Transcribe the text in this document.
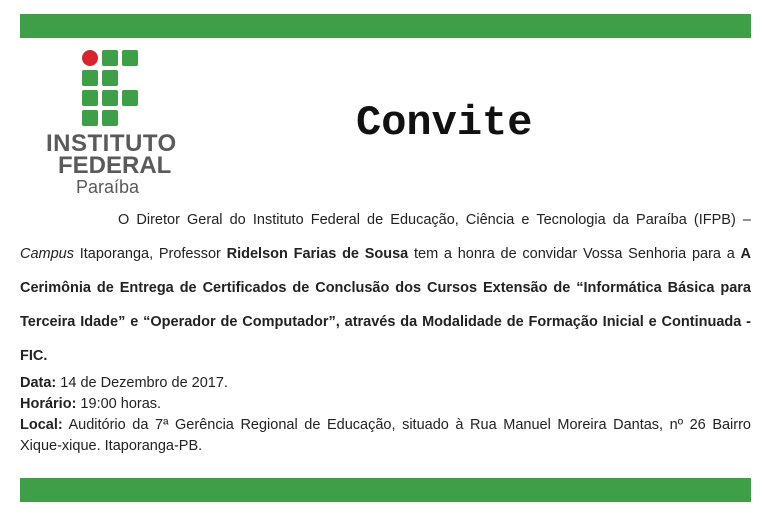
INSTITUTO
FEDERAL
Paraíba
Convite
O Diretor Geral do Instituto Federal de Educação, Ciência e Tecnologia da Paraíba (IFPB) – Campus Itaporanga, Professor Ridelson Farias de Sousa tem a honra de convidar Vossa Senhoria para a A Cerimônia de Entrega de Certificados de Conclusão dos Cursos Extensão de “Informática Básica para Terceira Idade” e “Operador de Computador”, através da Modalidade de Formação Inicial e Continuada - FIC.
Data: 14 de Dezembro de 2017.
Horário: 19:00 horas.
Local: Auditório da 7ª Gerência Regional de Educação, situado à Rua Manuel Moreira Dantas, nº 26 Bairro Xique-xique. Itaporanga-PB.
